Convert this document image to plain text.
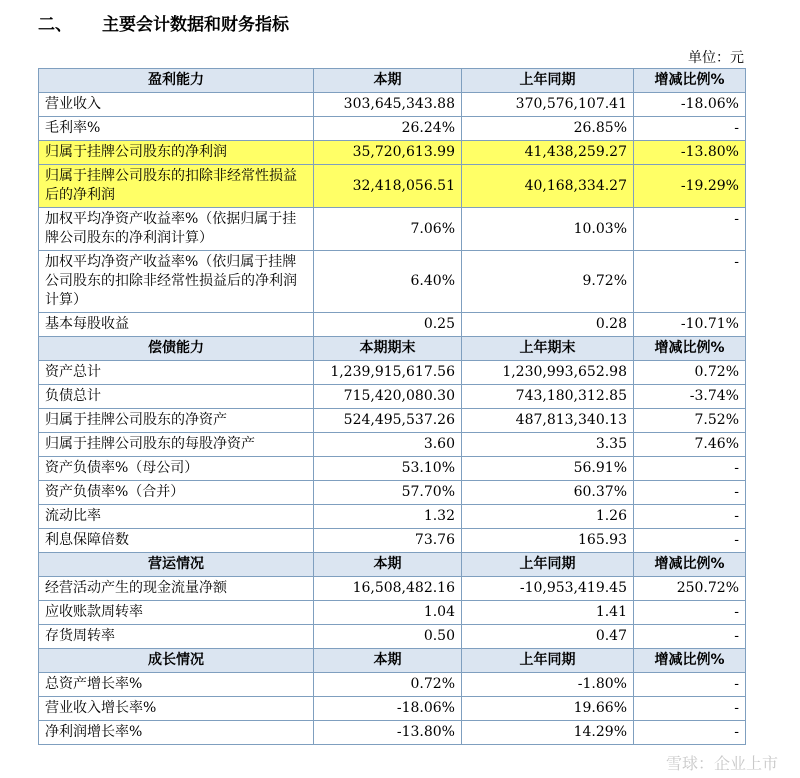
二、 主要会计数据和财务指标
单位：元
盈利能力	本期	上年同期	增减比例%
营业收入	303,645,343.88	370,576,107.41	-18.06%
毛利率%	26.24%	26.85%	-
归属于挂牌公司股东的净利润	35,720,613.99	41,438,259.27	-13.80%
归属于挂牌公司股东的扣除非经常性损益后的净利润	32,418,056.51	40,168,334.27	-19.29%
加权平均净资产收益率%（依据归属于挂牌公司股东的净利润计算）	7.06%	10.03%	-
加权平均净资产收益率%（依归属于挂牌公司股东的扣除非经常性损益后的净利润计算）	6.40%	9.72%	-
基本每股收益	0.25	0.28	-10.71%
偿债能力	本期期末	上年期末	增减比例%
资产总计	1,239,915,617.56	1,230,993,652.98	0.72%
负债总计	715,420,080.30	743,180,312.85	-3.74%
归属于挂牌公司股东的净资产	524,495,537.26	487,813,340.13	7.52%
归属于挂牌公司股东的每股净资产	3.60	3.35	7.46%
资产负债率%（母公司）	53.10%	56.91%	-
资产负债率%（合并）	57.70%	60.37%	-
流动比率	1.32	1.26	-
利息保障倍数	73.76	165.93	-
营运情况	本期	上年同期	增减比例%
经营活动产生的现金流量净额	16,508,482.16	-10,953,419.45	250.72%
应收账款周转率	1.04	1.41	-
存货周转率	0.50	0.47	-
成长情况	本期	上年同期	增减比例%
总资产增长率%	0.72%	-1.80%	-
营业收入增长率%	-18.06%	19.66%	-
净利润增长率%	-13.80%	14.29%	-
雪球：企业上市
